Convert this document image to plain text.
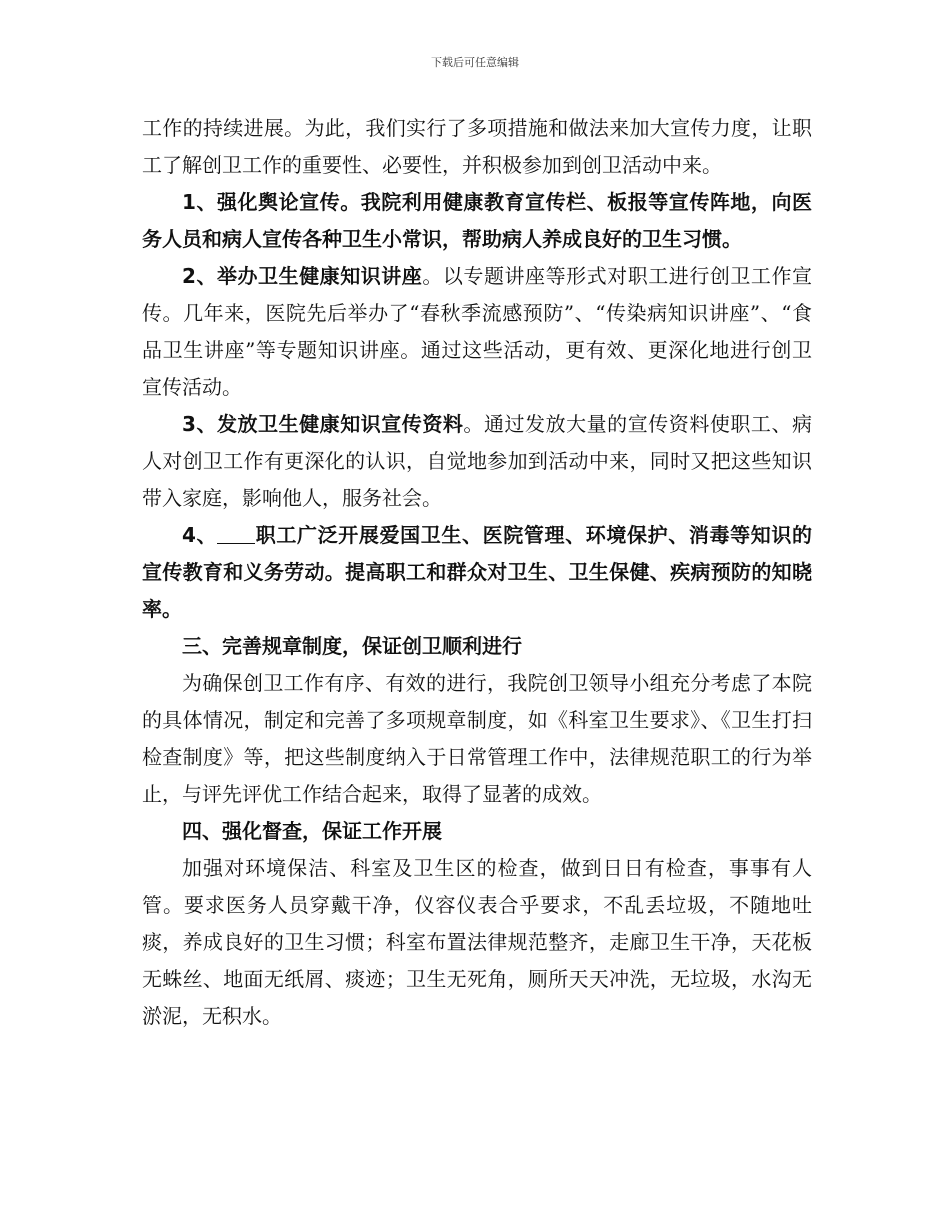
下载后可任意编辑

工作的持续进展。为此，我们实行了多项措施和做法来加大宣传力度，让职工了解创卫工作的重要性、必要性，并积极参加到创卫活动中来。

1、强化舆论宣传。我院利用健康教育宣传栏、板报等宣传阵地，向医务人员和病人宣传各种卫生小常识，帮助病人养成良好的卫生习惯。

2、举办卫生健康知识讲座。以专题讲座等形式对职工进行创卫工作宣传。几年来，医院先后举办了“春秋季流感预防”、“传染病知识讲座”、“食品卫生讲座”等专题知识讲座。通过这些活动，更有效、更深化地进行创卫宣传活动。

3、发放卫生健康知识宣传资料。通过发放大量的宣传资料使职工、病人对创卫工作有更深化的认识，自觉地参加到活动中来，同时又把这些知识带入家庭，影响他人，服务社会。

4、 职工广泛开展爱国卫生、医院管理、环境保护、消毒等知识的宣传教育和义务劳动。提高职工和群众对卫生、卫生保健、疾病预防的知晓率。

三、完善规章制度，保证创卫顺利进行

为确保创卫工作有序、有效的进行，我院创卫领导小组充分考虑了本院的具体情况，制定和完善了多项规章制度，如《科室卫生要求》、《卫生打扫检查制度》等，把这些制度纳入于日常管理工作中，法律规范职工的行为举止，与评先评优工作结合起来，取得了显著的成效。

四、强化督查，保证工作开展

加强对环境保洁、科室及卫生区的检查，做到日日有检查，事事有人管。要求医务人员穿戴干净，仪容仪表合乎要求，不乱丢垃圾，不随地吐痰，养成良好的卫生习惯；科室布置法律规范整齐，走廊卫生干净，天花板无蛛丝、地面无纸屑、痰迹；卫生无死角，厕所天天冲洗，无垃圾，水沟无淤泥，无积水。
